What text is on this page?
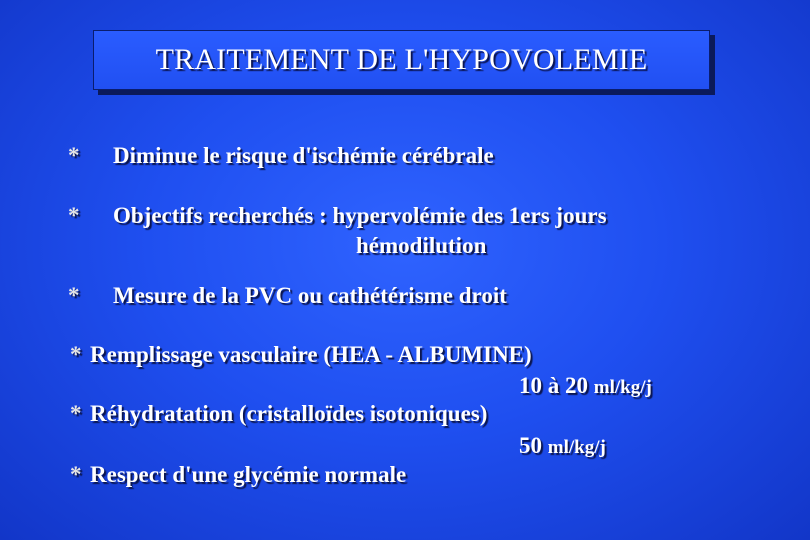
TRAITEMENT DE L'HYPOVOLEMIE
* Diminue le risque d'ischémie cérébrale
* Objectifs recherchés : hypervolémie des 1ers jours
hémodilution
* Mesure de la PVC ou cathétérisme droit
* Remplissage vasculaire (HEA - ALBUMINE)
10 à 20 ml/kg/j
* Réhydratation (cristalloïdes isotoniques)
50 ml/kg/j
* Respect d'une glycémie normale
